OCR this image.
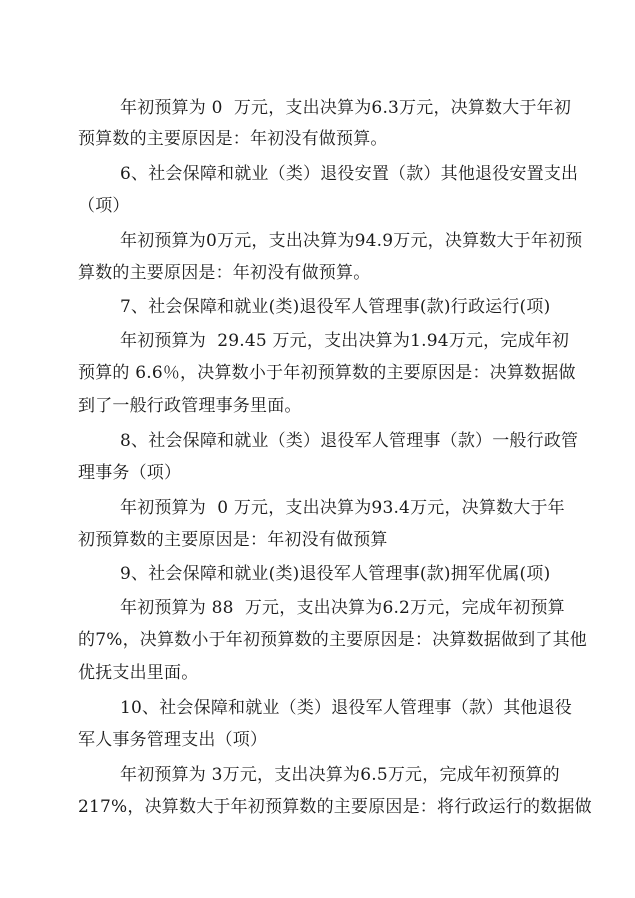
年初预算为 0  万元，支出决算为6.3万元，决算数大于年初
预算数的主要原因是：年初没有做预算。
6、社会保障和就业（类）退役安置（款）其他退役安置支出
（项）
年初预算为0万元，支出决算为94.9万元，决算数大于年初预
算数的主要原因是：年初没有做预算。
7、社会保障和就业(类)退役军人管理事(款)行政运行(项)
年初预算为  29.45 万元，支出决算为1.94万元，完成年初
预算的 6.6％，决算数小于年初预算数的主要原因是：决算数据做
到了一般行政管理事务里面。
8、社会保障和就业（类）退役军人管理事（款）一般行政管
理事务（项）
年初预算为  0 万元，支出决算为93.4万元，决算数大于年
初预算数的主要原因是：年初没有做预算
9、社会保障和就业(类)退役军人管理事(款)拥军优属(项)
年初预算为 88  万元，支出决算为6.2万元，完成年初预算
的7%，决算数小于年初预算数的主要原因是：决算数据做到了其他
优抚支出里面。
10、社会保障和就业（类）退役军人管理事（款）其他退役
军人事务管理支出（项）
年初预算为 3万元，支出决算为6.5万元，完成年初预算的
217%，决算数大于年初预算数的主要原因是：将行政运行的数据做
